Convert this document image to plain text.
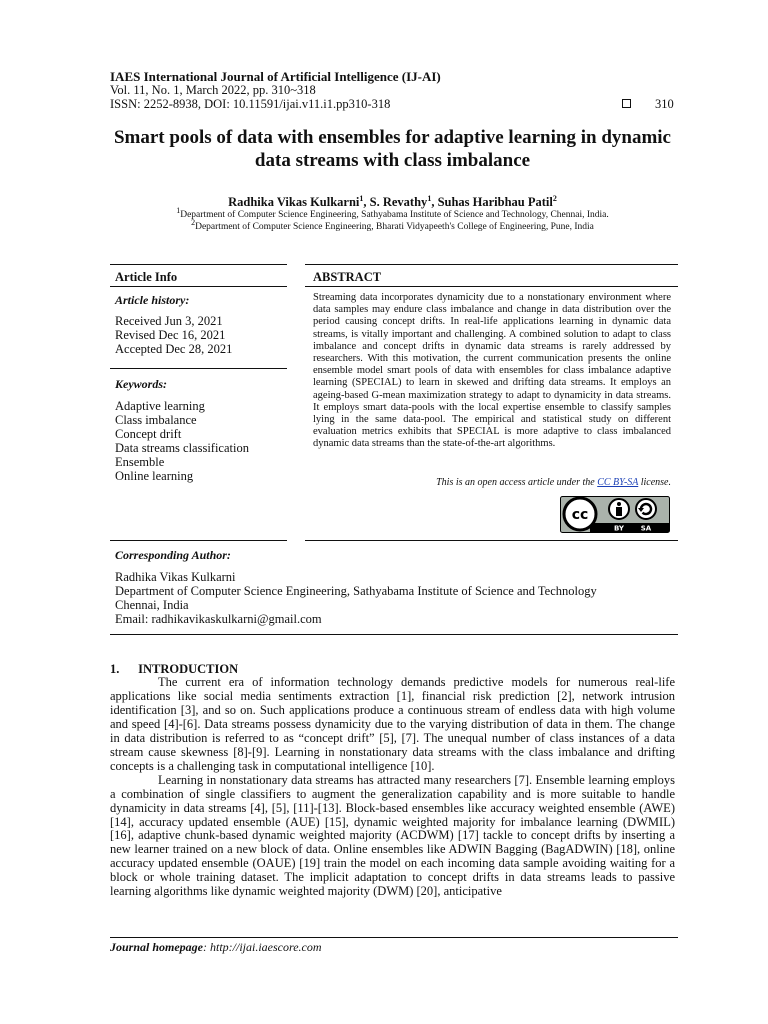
IAES International Journal of Artificial Intelligence (IJ-AI)
Vol. 11, No. 1, March 2022, pp. 310~318
ISSN: 2252-8938, DOI: 10.11591/ijai.v11.i1.pp310-318	310
Smart pools of data with ensembles for adaptive learning in dynamic data streams with class imbalance
Radhika Vikas Kulkarni$^1$, S. Revathy$^1$, Suhas Haribhau Patil$^2$
$^1$Department of Computer Science Engineering, Sathyabama Institute of Science and Technology, Chennai, India.
$^2$Department of Computer Science Engineering, Bharati Vidyapeeth's College of Engineering, Pune, India
Article Info	ABSTRACT
Article history:
Received Jun 3, 2021
Revised Dec 16, 2021
Accepted Dec 28, 2021
Keywords:
Adaptive learning
Class imbalance
Concept drift
Data streams classification
Ensemble
Online learning
Streaming data incorporates dynamicity due to a nonstationary environment where data samples may endure class imbalance and change in data distribution over the period causing concept drifts. In real-life applications learning in dynamic data streams, is vitally important and challenging. A combined solution to adapt to class imbalance and concept drifts in dynamic data streams is rarely addressed by researchers. With this motivation, the current communication presents the online ensemble model smart pools of data with ensembles for class imbalance adaptive learning (SPECIAL) to learn in skewed and drifting data streams. It employs an ageing-based G-mean maximization strategy to adapt to dynamicity in data streams. It employs smart data-pools with the local expertise ensemble to classify samples lying in the same data-pool. The empirical and statistical study on different evaluation metrics exhibits that SPECIAL is more adaptive to class imbalanced dynamic data streams than the state-of-the-art algorithms.
This is an open access article under the CC BY-SA license.
cc
BY SA
Corresponding Author:
Radhika Vikas Kulkarni
Department of Computer Science Engineering, Sathyabama Institute of Science and Technology
Chennai, India
Email: radhikavikaskulkarni@gmail.com
1.      INTRODUCTION

The current era of information technology demands predictive models for numerous real-life applications like social media sentiments extraction [1], financial risk prediction [2], network intrusion identification [3], and so on. Such applications produce a continuous stream of endless data with high volume and speed [4]-[6]. Data streams possess dynamicity due to the varying distribution of data in them. The change in data distribution is referred to as “concept drift” [5], [7]. The unequal number of class instances of a data stream cause skewness [8]-[9]. Learning in nonstationary data streams with the class imbalance and drifting concepts is a challenging task in computational intelligence [10].

Learning in nonstationary data streams has attracted many researchers [7]. Ensemble learning employs a combination of single classifiers to augment the generalization capability and is more suitable to handle dynamicity in data streams [4], [5], [11]-[13]. Block-based ensembles like accuracy weighted ensemble (AWE) [14], accuracy updated ensemble (AUE) [15], dynamic weighted majority for imbalance learning (DWMIL) [16], adaptive chunk-based dynamic weighted majority (ACDWM) [17] tackle to concept drifts by inserting a new learner trained on a new block of data. Online ensembles like ADWIN Bagging (BagADWIN) [18], online accuracy updated ensemble (OAUE) [19] train the model on each incoming data sample avoiding waiting for a block or whole training dataset. The implicit adaptation to concept drifts in data streams leads to passive learning algorithms like dynamic weighted majority (DWM) [20], anticipative

Journal homepage: http://ijai.iaescore.com
